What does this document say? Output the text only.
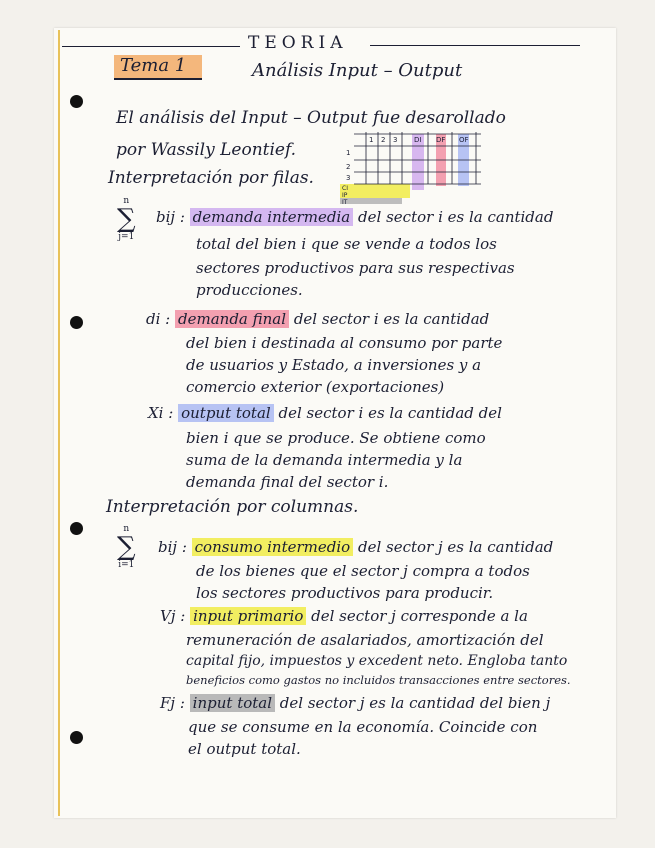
TEORIA
Tema 1	Análisis Input – Output
El análisis del Input – Output fue desarollado
por Wassily Leontief.	1 2 3 DI DF OF
1
2
3
CI
IP
IT
Interpretación por filas.
n
∑
j=1
bij : demanda intermedia del sector i es la cantidad
total del bien i que se vende a todos los
sectores productivos para sus respectivas
producciones.
di : demanda final del sector i es la cantidad
del bien i destinada al consumo por parte
de usuarios y Estado, a inversiones y a
comercio exterior (exportaciones)
Xi : output total del sector i es la cantidad del
bien i que se produce. Se obtiene como
suma de la demanda intermedia y la
demanda final del sector i.
Interpretación por columnas.
n
∑
i=1
bij : consumo intermedio del sector j es la cantidad
de los bienes que el sector j compra a todos
los sectores productivos para producir.
Vj : input primario del sector j corresponde a la
remuneración de asalariados, amortización del
capital fijo, impuestos y excedent neto. Engloba tanto
beneficios como gastos no incluidos transacciones entre sectores.
Fj : input total del sector j es la cantidad del bien j
que se consume en la economía. Coincide con
el output total.
